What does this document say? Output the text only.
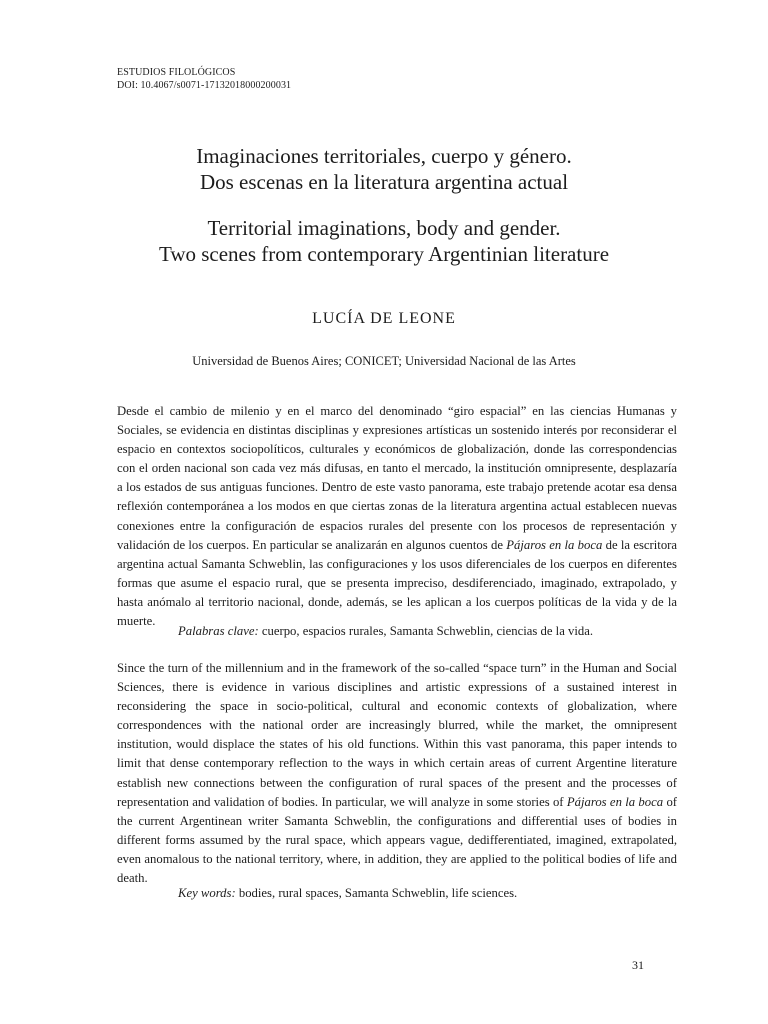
ESTUDIOS FILOLÓGICOS
DOI: 10.4067/s0071-17132018000200031
Imaginaciones territoriales, cuerpo y género.
Dos escenas en la literatura argentina actual
Territorial imaginations, body and gender.
Two scenes from contemporary Argentinian literature
LUCÍA DE LEONE
Universidad de Buenos Aires; CONICET; Universidad Nacional de las Artes

Desde el cambio de milenio y en el marco del denominado “giro espacial” en las ciencias Humanas y Sociales, se evidencia en distintas disciplinas y expresiones artísticas un sostenido interés por reconsiderar el espacio en contextos sociopolíticos, culturales y económicos de globalización, donde las correspondencias con el orden nacional son cada vez más difusas, en tanto el mercado, la institución omnipresente, desplazaría a los estados de sus antiguas funciones. Dentro de este vasto panorama, este trabajo pretende acotar esa densa reflexión contemporánea a los modos en que ciertas zonas de la literatura argentina actual establecen nuevas conexiones entre la configuración de espacios rurales del presente con los procesos de representación y validación de los cuerpos. En particular se analizarán en algunos cuentos de Pájaros en la boca de la escritora argentina actual Samanta Schweblin, las configuraciones y los usos diferenciales de los cuerpos en diferentes formas que asume el espacio rural, que se presenta impreciso, desdiferenciado, imaginado, extrapolado, y hasta anómalo al territorio nacional, donde, además, se les aplican a los cuerpos políticas de la vida y de la muerte.

Palabras clave: cuerpo, espacios rurales, Samanta Schweblin, ciencias de la vida.

Since the turn of the millennium and in the framework of the so-called “space turn” in the Human and Social Sciences, there is evidence in various disciplines and artistic expressions of a sustained interest in reconsidering the space in socio-political, cultural and economic contexts of globalization, where correspondences with the national order are increasingly blurred, while the market, the omnipresent institution, would displace the states of his old functions. Within this vast panorama, this paper intends to limit that dense contemporary reflection to the ways in which certain areas of current Argentine literature establish new connections between the configuration of rural spaces of the present and the processes of representation and validation of bodies. In particular, we will analyze in some stories of Pájaros en la boca of the current Argentinean writer Samanta Schweblin, the configurations and differential uses of bodies in different forms assumed by the rural space, which appears vague, dedifferentiated, imagined, extrapolated, even anomalous to the national territory, where, in addition, they are applied to the political bodies of life and death.

Key words: bodies, rural spaces, Samanta Schweblin, life sciences.
31
